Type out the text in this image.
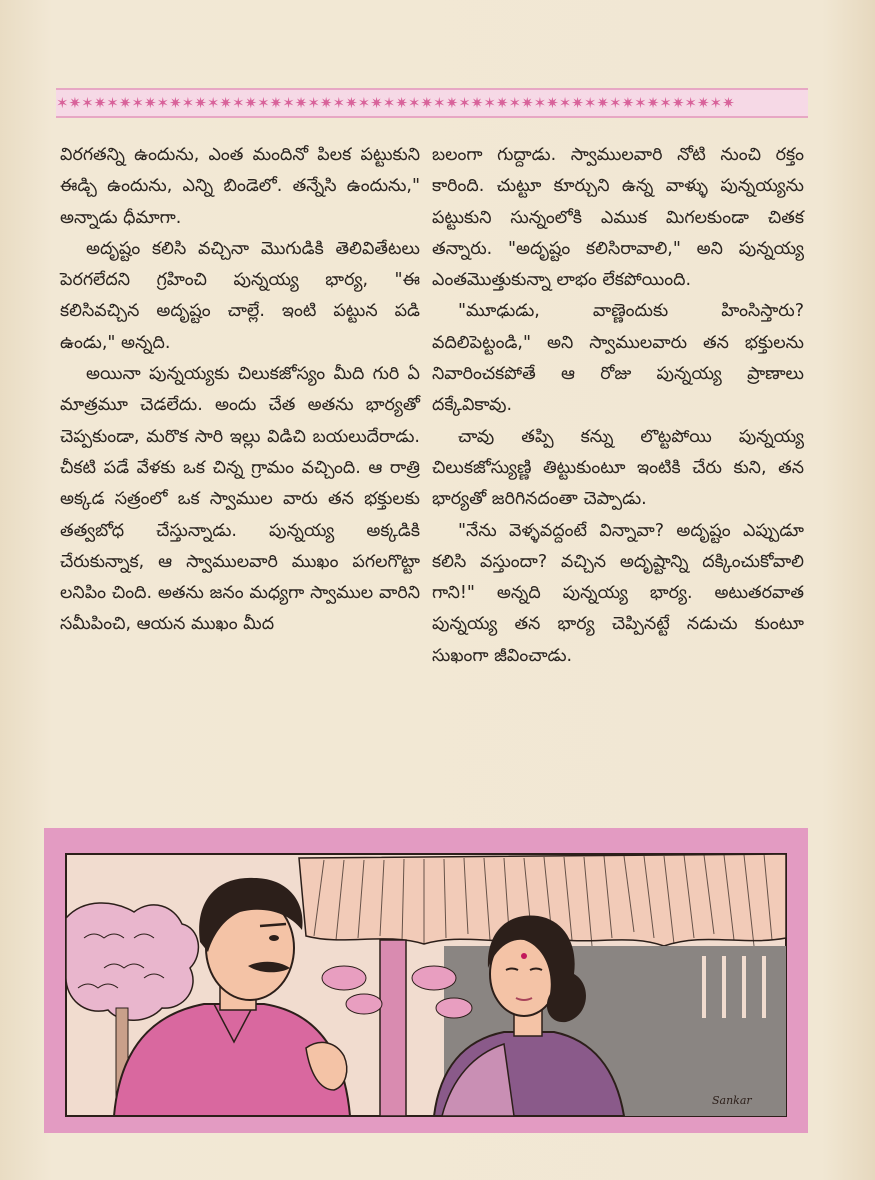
✶✷✶✷✶✷✶✷✶✷✶✷✶✷✶✷✶✷✶✷✶✷✶✷✶✷✶✷✶✷✶✷✶✷✶✷✶✷✶✷✶✷✶✷✶✷✶✷✶✷✶✷✶✷

విరగతన్ని ఉందును, ఎంత మందినో పిలక పట్టుకుని ఈడ్చి ఉందును, ఎన్ని బిండెలో. తన్నేసి ఉందును," అన్నాడు ధీమాగా.

అదృష్టం కలిసి వచ్చినా మొగుడికి తెలివితేటలు పెరగలేదని గ్రహించి పున్నయ్య భార్య, "ఈ కలిసివచ్చిన అదృష్టం చాల్లే. ఇంటి పట్టున పడి ఉండు," అన్నది.

అయినా పున్నయ్యకు చిలుకజోస్యం మీది గురి ఏ మాత్రమూ చెడలేదు. అందు చేత అతను భార్యతో చెప్పకుండా, మరొక సారి ఇల్లు విడిచి బయలుదేరాడు. చీకటి పడే వేళకు ఒక చిన్న గ్రామం వచ్చింది. ఆ రాత్రి అక్కడ సత్రంలో ఒక స్వాముల వారు తన భక్తులకు తత్వబోధ చేస్తున్నాడు. పున్నయ్య అక్కడికి చేరుకున్నాక, ఆ స్వాములవారి ముఖం పగలగొట్టా లనిపిం చింది. అతను జనం మధ్యగా స్వాముల వారిని సమీపించి, ఆయన ముఖం మీద

బలంగా గుద్దాడు. స్వాములవారి నోటి నుంచి రక్తం కారింది. చుట్టూ కూర్చుని ఉన్న వాళ్ళు పున్నయ్యను పట్టుకుని సున్నంలోకి ఎముక మిగలకుండా చితక తన్నారు. "అదృష్టం కలిసిరావాలి," అని పున్నయ్య ఎంతమొత్తుకున్నా లాభం లేకపోయింది.

"మూఢుడు, వాణ్ణెందుకు హింసిస్తారు? వదిలిపెట్టండి," అని స్వాములవారు తన భక్తులను నివారించకపోతే ఆ రోజు పున్నయ్య ప్రాణాలు దక్కేవికావు.

చావు తప్పి కన్ను లొట్టపోయి పున్నయ్య చిలుకజోస్యుణ్ణి తిట్టుకుంటూ ఇంటికి చేరు కుని, తన భార్యతో జరిగినదంతా చెప్పాడు.

"నేను వెళ్ళవద్దంటే విన్నావా? అదృష్టం ఎప్పుడూ కలిసి వస్తుందా? వచ్చిన అదృష్టాన్ని దక్కించుకోవాలి గాని!" అన్నది పున్నయ్య భార్య. అటుతరవాత పున్నయ్య తన భార్య చెప్పినట్టే నడుచు కుంటూ సుఖంగా జీవించాడు.

Sankar
